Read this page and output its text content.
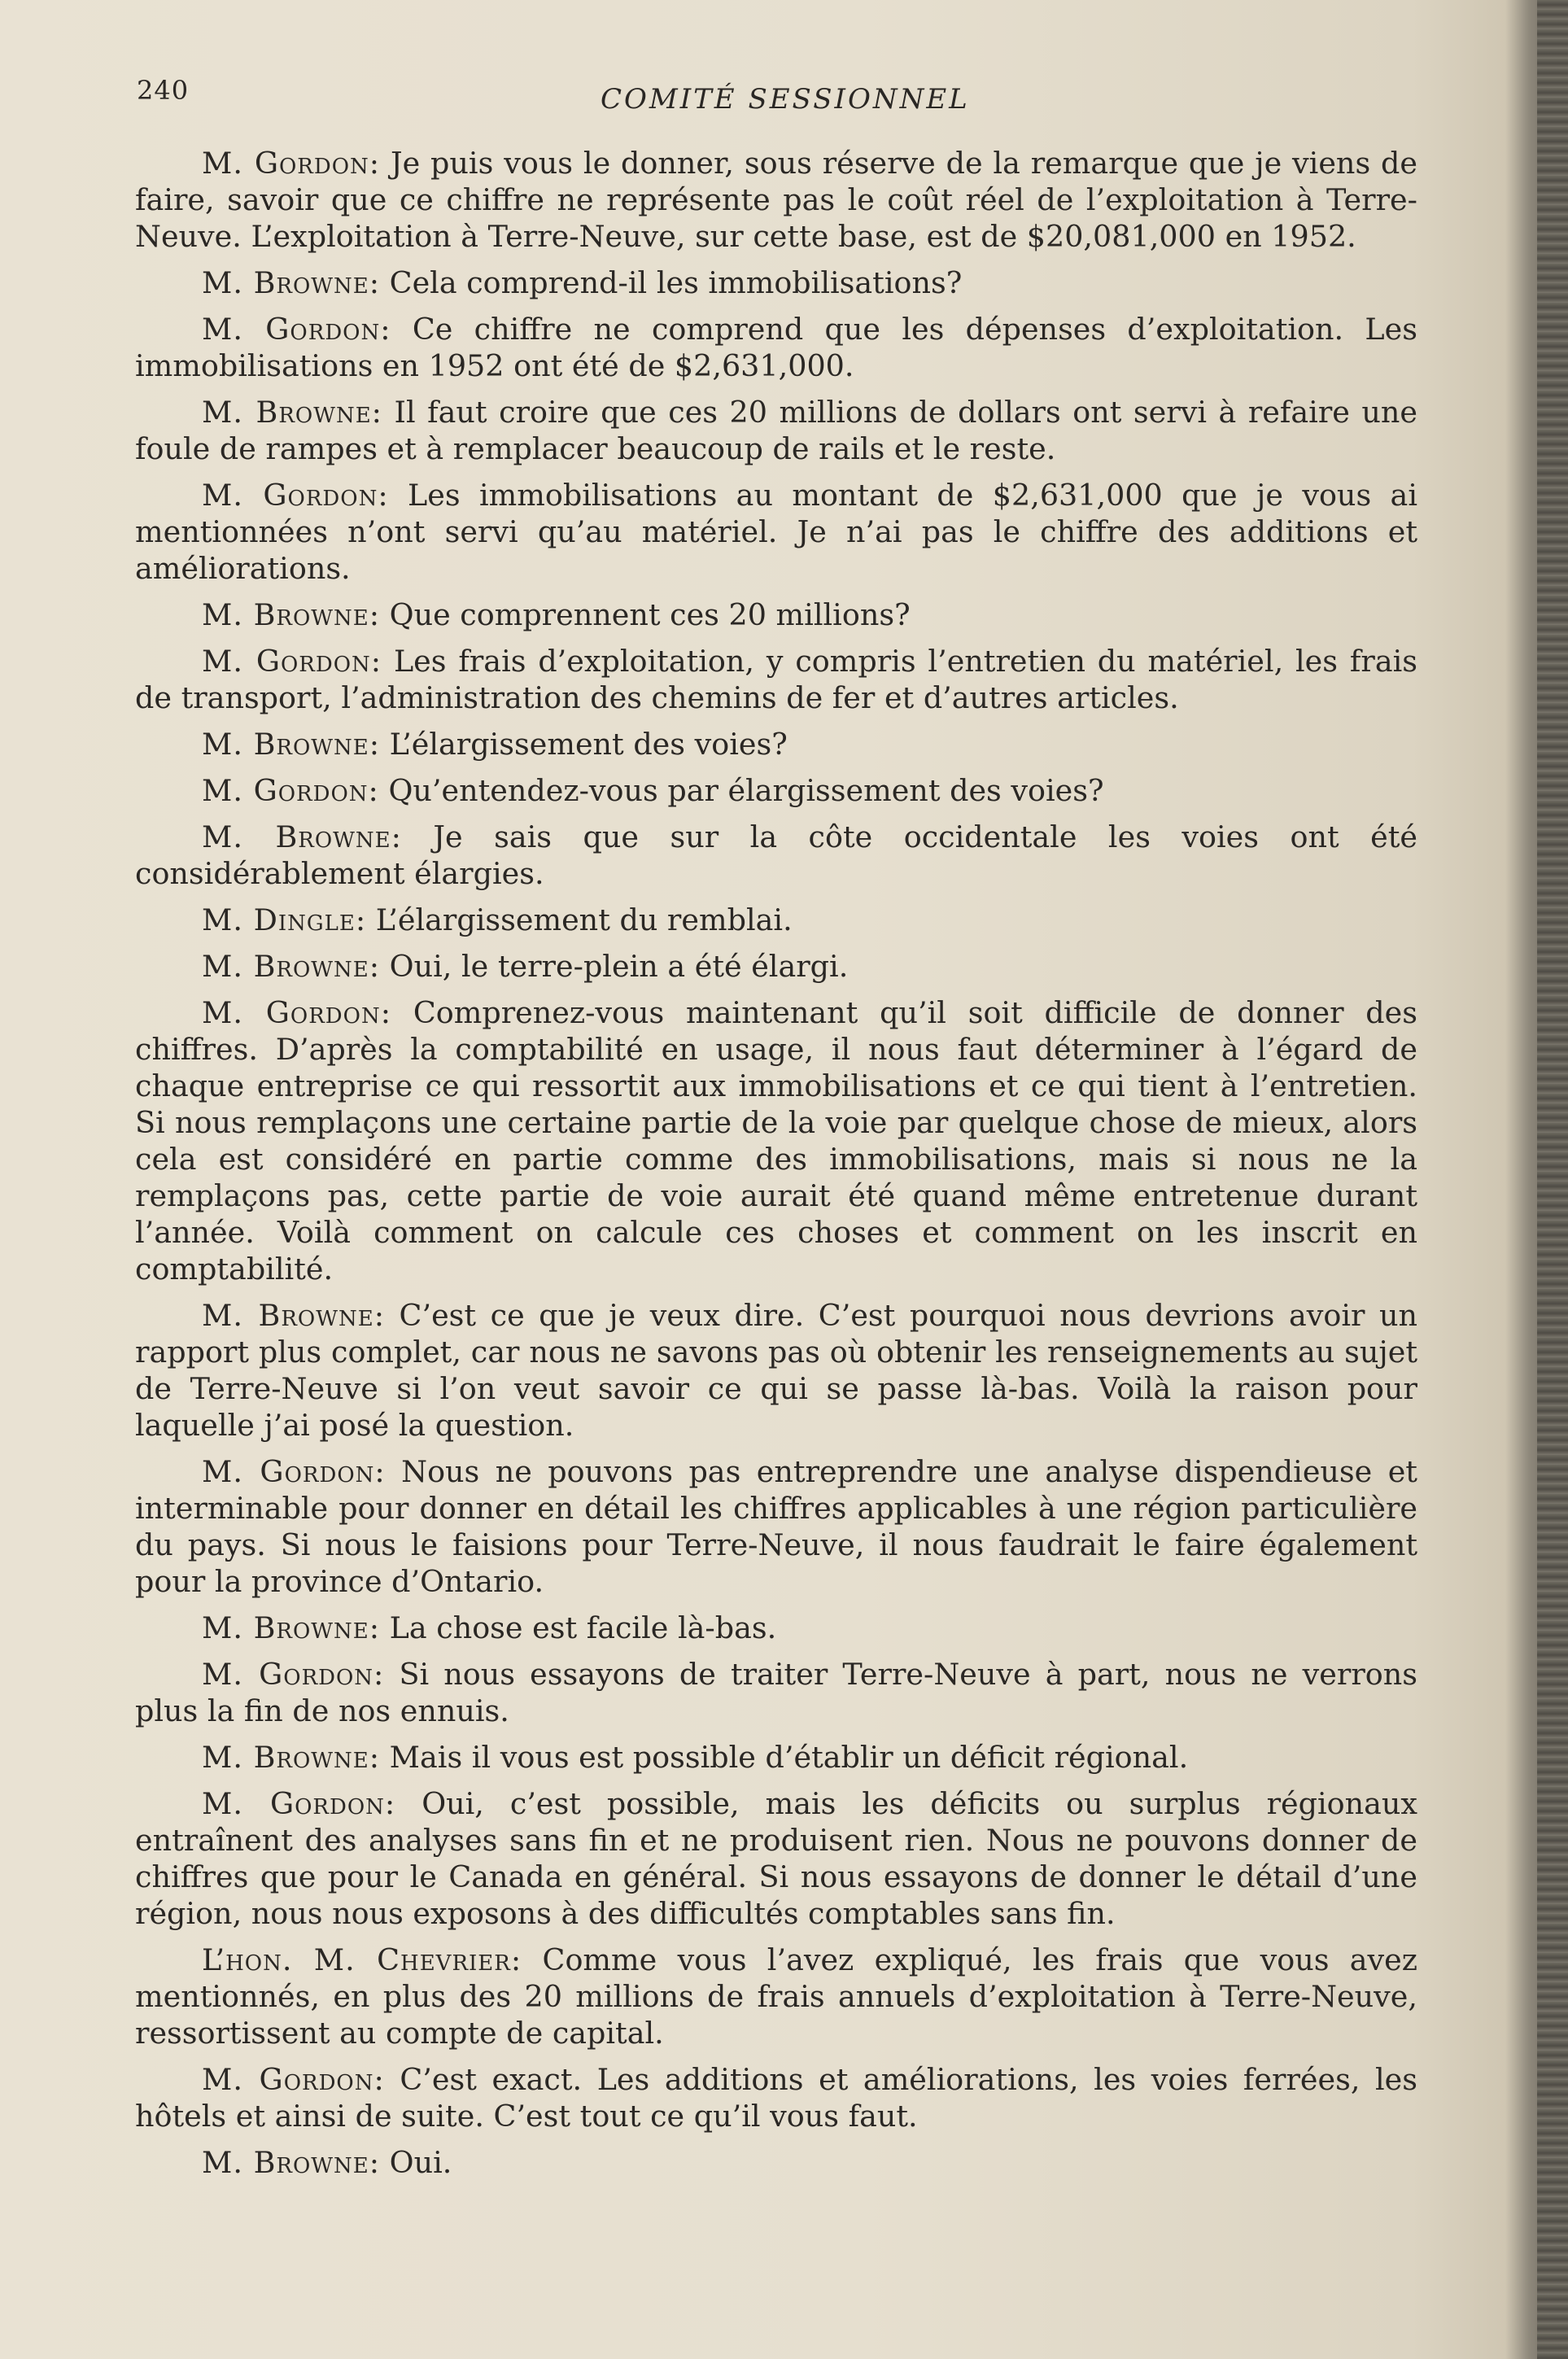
240	COMITÉ SESSIONNEL

M. Gordon: Je puis vous le donner, sous réserve de la remarque que je viens de faire, savoir que ce chiffre ne représente pas le coût réel de l’exploitation à Terre-Neuve. L’exploitation à Terre-Neuve, sur cette base, est de $20,081,000 en 1952.

M. Browne: Cela comprend-il les immobilisations?

M. Gordon: Ce chiffre ne comprend que les dépenses d’exploitation. Les immobilisations en 1952 ont été de $2,631,000.

M. Browne: Il faut croire que ces 20 millions de dollars ont servi à refaire une foule de rampes et à remplacer beaucoup de rails et le reste.

M. Gordon: Les immobilisations au montant de $2,631,000 que je vous ai mentionnées n’ont servi qu’au matériel. Je n’ai pas le chiffre des additions et améliorations.

M. Browne: Que comprennent ces 20 millions?

M. Gordon: Les frais d’exploitation, y compris l’entretien du matériel, les frais de transport, l’administration des chemins de fer et d’autres articles.

M. Browne: L’élargissement des voies?

M. Gordon: Qu’entendez-vous par élargissement des voies?

M. Browne: Je sais que sur la côte occidentale les voies ont été considérablement élargies.

M. Dingle: L’élargissement du remblai.

M. Browne: Oui, le terre-plein a été élargi.

M. Gordon: Comprenez-vous maintenant qu’il soit difficile de donner des chiffres. D’après la comptabilité en usage, il nous faut déterminer à l’égard de chaque entreprise ce qui ressortit aux immobilisations et ce qui tient à l’entretien. Si nous remplaçons une certaine partie de la voie par quelque chose de mieux, alors cela est considéré en partie comme des immobilisations, mais si nous ne la remplaçons pas, cette partie de voie aurait été quand même entretenue durant l’année. Voilà comment on calcule ces choses et comment on les inscrit en comptabilité.

M. Browne: C’est ce que je veux dire. C’est pourquoi nous devrions avoir un rapport plus complet, car nous ne savons pas où obtenir les renseignements au sujet de Terre-Neuve si l’on veut savoir ce qui se passe là-bas. Voilà la raison pour laquelle j’ai posé la question.

M. Gordon: Nous ne pouvons pas entreprendre une analyse dispendieuse et interminable pour donner en détail les chiffres applicables à une région particulière du pays. Si nous le faisions pour Terre-Neuve, il nous faudrait le faire également pour la province d’Ontario.

M. Browne: La chose est facile là-bas.

M. Gordon: Si nous essayons de traiter Terre-Neuve à part, nous ne verrons plus la fin de nos ennuis.

M. Browne: Mais il vous est possible d’établir un déficit régional.

M. Gordon: Oui, c’est possible, mais les déficits ou surplus régionaux entraînent des analyses sans fin et ne produisent rien. Nous ne pouvons donner de chiffres que pour le Canada en général. Si nous essayons de donner le détail d’une région, nous nous exposons à des difficultés comptables sans fin.

L’hon. M. Chevrier: Comme vous l’avez expliqué, les frais que vous avez mentionnés, en plus des 20 millions de frais annuels d’exploitation à Terre-Neuve, ressortissent au compte de capital.

M. Gordon: C’est exact. Les additions et améliorations, les voies ferrées, les hôtels et ainsi de suite. C’est tout ce qu’il vous faut.

M. Browne: Oui.
